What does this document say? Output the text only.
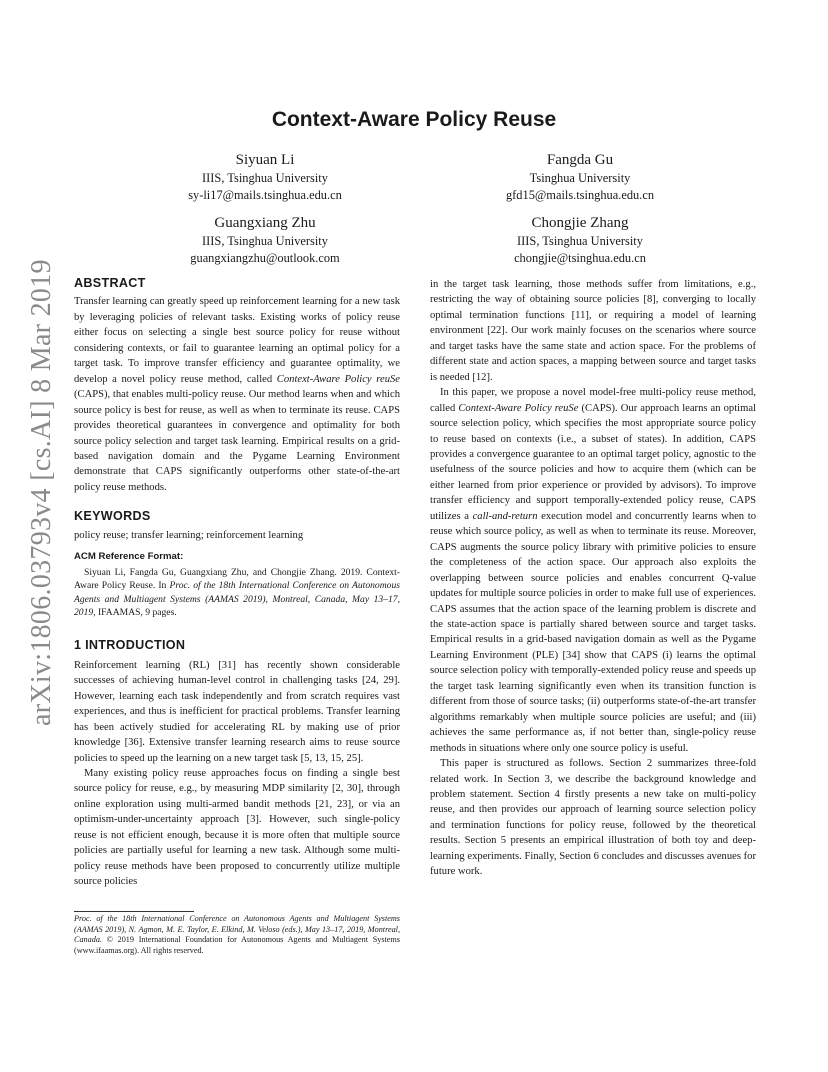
arXiv:1806.03793v4 [cs.AI] 8 Mar 2019
Context-Aware Policy Reuse
Siyuan Li
IIIS, Tsinghua University
sy-li17@mails.tsinghua.edu.cn
Fangda Gu
Tsinghua University
gfd15@mails.tsinghua.edu.cn
Guangxiang Zhu
IIIS, Tsinghua University
guangxiangzhu@outlook.com
Chongjie Zhang
IIIS, Tsinghua University
chongjie@tsinghua.edu.cn
ABSTRACT

Transfer learning can greatly speed up reinforcement learning for a new task by leveraging policies of relevant tasks. Existing works of policy reuse either focus on selecting a single best source policy for reuse without considering contexts, or fail to guarantee learning an optimal policy for a target task. To improve transfer efficiency and guarantee optimality, we develop a novel policy reuse method, called Context-Aware Policy reuSe (CAPS), that enables multi-policy reuse. Our method learns when and which source policy is best for reuse, as well as when to terminate its reuse. CAPS provides theoretical guarantees in convergence and optimality for both source policy selection and target task learning. Empirical results on a grid-based navigation domain and the Pygame Learning Environment demonstrate that CAPS significantly outperforms other state-of-the-art policy reuse methods.

KEYWORDS

policy reuse; transfer learning; reinforcement learning

ACM Reference Format:

Siyuan Li, Fangda Gu, Guangxiang Zhu, and Chongjie Zhang. 2019. Context-Aware Policy Reuse. In Proc. of the 18th International Conference on Autonomous Agents and Multiagent Systems (AAMAS 2019), Montreal, Canada, May 13–17, 2019, IFAAMAS, 9 pages.

1 INTRODUCTION

Reinforcement learning (RL) [31] has recently shown considerable successes of achieving human-level control in challenging tasks [24, 29]. However, learning each task independently and from scratch requires vast experiences, and thus is inefficient for practical problems. Transfer learning has been actively studied for accelerating RL by making use of prior knowledge [36]. Extensive transfer learning research aims to reuse source policies to speed up the learning on a new target task [5, 13, 15, 25].

Many existing policy reuse approaches focus on finding a single best source policy for reuse, e.g., by measuring MDP similarity [2, 30], through online exploration using multi-armed bandit methods [21, 23], or via an optimism-under-uncertainty approach [3]. However, such single-policy reuse is not efficient enough, because it is more often that multiple source policies are partially useful for learning a new task. Although some multi-policy reuse methods have been proposed to concurrently utilize multiple source policies

Proc. of the 18th International Conference on Autonomous Agents and Multiagent Systems (AAMAS 2019), N. Agmon, M. E. Taylor, E. Elkind, M. Veloso (eds.), May 13–17, 2019, Montreal, Canada. © 2019 International Foundation for Autonomous Agents and Multiagent Systems (www.ifaamas.org). All rights reserved.

in the target task learning, those methods suffer from limitations, e.g., restricting the way of obtaining source policies [8], converging to locally optimal termination functions [11], or requiring a model of learning environment [22]. Our work mainly focuses on the scenarios where source and target tasks have the same state and action space. For the problems of different state and action spaces, a mapping between source and target tasks is needed [12].

In this paper, we propose a novel model-free multi-policy reuse method, called Context-Aware Policy reuSe (CAPS). Our approach learns an optimal source selection policy, which specifies the most appropriate source policy to reuse based on contexts (i.e., a subset of states). In addition, CAPS provides a convergence guarantee to an optimal target policy, agnostic to the usefulness of the source policies and how to acquire them (which can be either learned from prior experience or provided by advisors). To improve transfer efficiency and support temporally-extended policy reuse, CAPS utilizes a call-and-return execution model and concurrently learns when to reuse which source policy, as well as when to terminate its reuse. Moreover, CAPS augments the source policy library with primitive policies to ensure the completeness of the action space. Our approach also exploits the overlapping between source policies and enables concurrent Q-value updates for multiple source policies in order to make full use of experiences. CAPS assumes that the action space of the learning problem is discrete and the state-action space is partially shared between source and target tasks. Empirical results in a grid-based navigation domain as well as the Pygame Learning Environment (PLE) [34] show that CAPS (i) learns the optimal source selection policy with temporally-extended policy reuse and speeds up the target task learning significantly even when its transition function is different from those of source tasks; (ii) outperforms state-of-the-art transfer algorithms remarkably when multiple source policies are useful; and (iii) achieves the same performance as, if not better than, single-policy reuse methods in situations where only one source policy is useful.

This paper is structured as follows. Section 2 summarizes three-fold related work. In Section 3, we describe the background knowledge and problem statement. Section 4 firstly presents a new take on multi-policy reuse, and then provides our approach of learning source selection policy and termination functions for policy reuse, followed by the theoretical results. Section 5 presents an empirical illustration of both toy and deep-learning experiments. Finally, Section 6 concludes and discusses avenues for future work.
